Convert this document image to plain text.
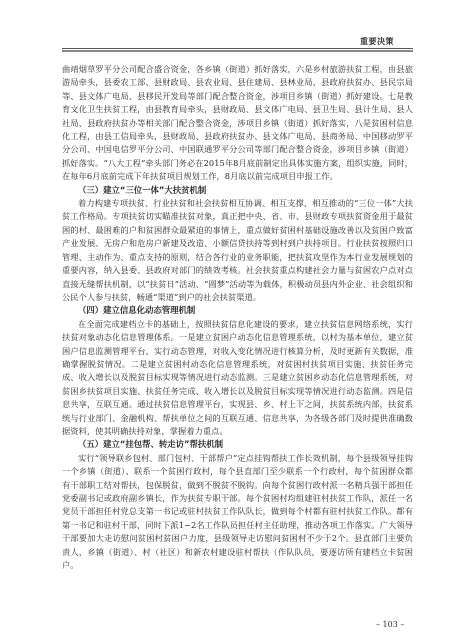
重要决策

曲靖烟草罗平分公司配合盛合资金，各乡镇（街道）抓好落实，六是乡村旅游扶贫工程，由县旅游局牵头，县委农工部、县财政局、县农业局、县住建局、县林业局、县政府扶贫办、县民宗局等、县文体广电局、县移民开发局等部门配合整合资金，涉项目乡镇（街道）抓好建设。七是教育文化卫生扶贫工程，由县教育局牵头，县财政局、县文体广电局、县卫生局、县计生局、县人社局、县政府扶贫办等相关部门配合整合资金，涉项目乡镇（街道）抓好落实，八是贫困村信息化工程，由县工信局牵头，县财政局、县政府扶贫办、县文体广电局、县商务局、中国移动罗平分公司、中国电信罗平分公司、中国联通罗平分公司等部门配合整合资金，涉项目乡镇（街道）抓好落实。“八大工程”牵头部门务必在2015年8月底前制定出具体实施方案，组织实施，同时，在每年6月底前完成下年扶贫项目规划工作，8月底以前完成项目申报工作。

（三）建立“三位一体”大扶贫机制

着力构建专项扶贫、行业扶贫和社会扶贫相互协调、相互支撑、相互推动的“三位一体”大扶贫工作格局。专项扶贫切实瞄准扶贫对象，真正把中央、省、市、县财政专项扶贫资金用于最贫困的村、最困难的户和贫困群众最紧迫的事情上，重点做好贫困村基础设施改善以及贫困户致富产业发展、无房户和危房户新建及改造、小额信贷扶持等到村到户扶持项目。行业扶贫按照归口管理、主动作为、重点支持的原则，结合各行业的业务职能，把扶贫攻坚作为本行业发展规划的重要内容，纳入县委、县政府对部门的绩效考核。社会扶贫重点构建社会力量与贫困农户点对点直接无缝帮扶机制，以“扶贫日”活动、“圆梦”活动等为载体，积极动员县内外企业、社会组织和公民个人参与扶贫，畅通“渠道”到户的社会扶贫渠道。

（四）建立信息化动态管理机制

在全面完成建档立卡的基础上，按照扶贫信息化建设的要求，建立扶贫信息网络系统，实行扶贫对象动态化信息管理体系。一是建立贫困户动态化信息管理系统，以村为基本单位，建立贫困户信息监测管理平台，实行动态管理，对收入变化情况进行核算分析，及时更新有关数据，准确掌握脱贫情况。二是建立贫困村动态化信息管理系统，对贫困村扶贫项目实施、扶贫任务完成、收入增长以及脱贫目标实现等情况进行动态监测。三是建立贫困乡动态化信息管理系统，对贫困乡扶贫项目实施、扶贫任务完成、收入增长以及脱贫目标实现等情况进行动态监测。四是信息共享，互联互通。通过扶贫信息管理平台，实现县、乡、村上下之间，扶贫系统内部，扶贫系统与行业部门、金融机构、帮扶单位之间的互联互通、信息共享，为各级各部门及时提供准确数据资料，使其明确扶持对象，掌握着力重点。

（五）建立“挂包帮、转走访”帮扶机制

实行“领导联乡包村、部门包村、干部帮户”定点挂钩帮扶工作长效机制，每个县级领导挂钩一个乡镇（街道）、联系一个贫困行政村，每个县直部门至少联系一个行政村，每个贫困群众都有干部职工结对帮扶，包保脱贫，做到不脱贫不脱钩。向每个贫困行政村派一名精兵强干部担任党委副书记或政府副乡镇长，作为扶贫专职干部。每个贫困村均组建驻村扶贫工作队，派任一名党员干部担任村党总支第一书记或驻村扶贫工作队队长，做到每个村都有驻村扶贫工作队。都有第一书记和驻村干部，同时下派1~2名工作队员担任村主任助理，推动各项工作落实。广大领导干部要加大走访慰问贫困村贫困户力度，县级领导走访慰问贫困村不少于2个。县直部门主要负责人，乡镇（街道）、村（社区）和新农村建设驻村帮扶（作队队员，要逐访所有建档立卡贫困户。

– 103 –
